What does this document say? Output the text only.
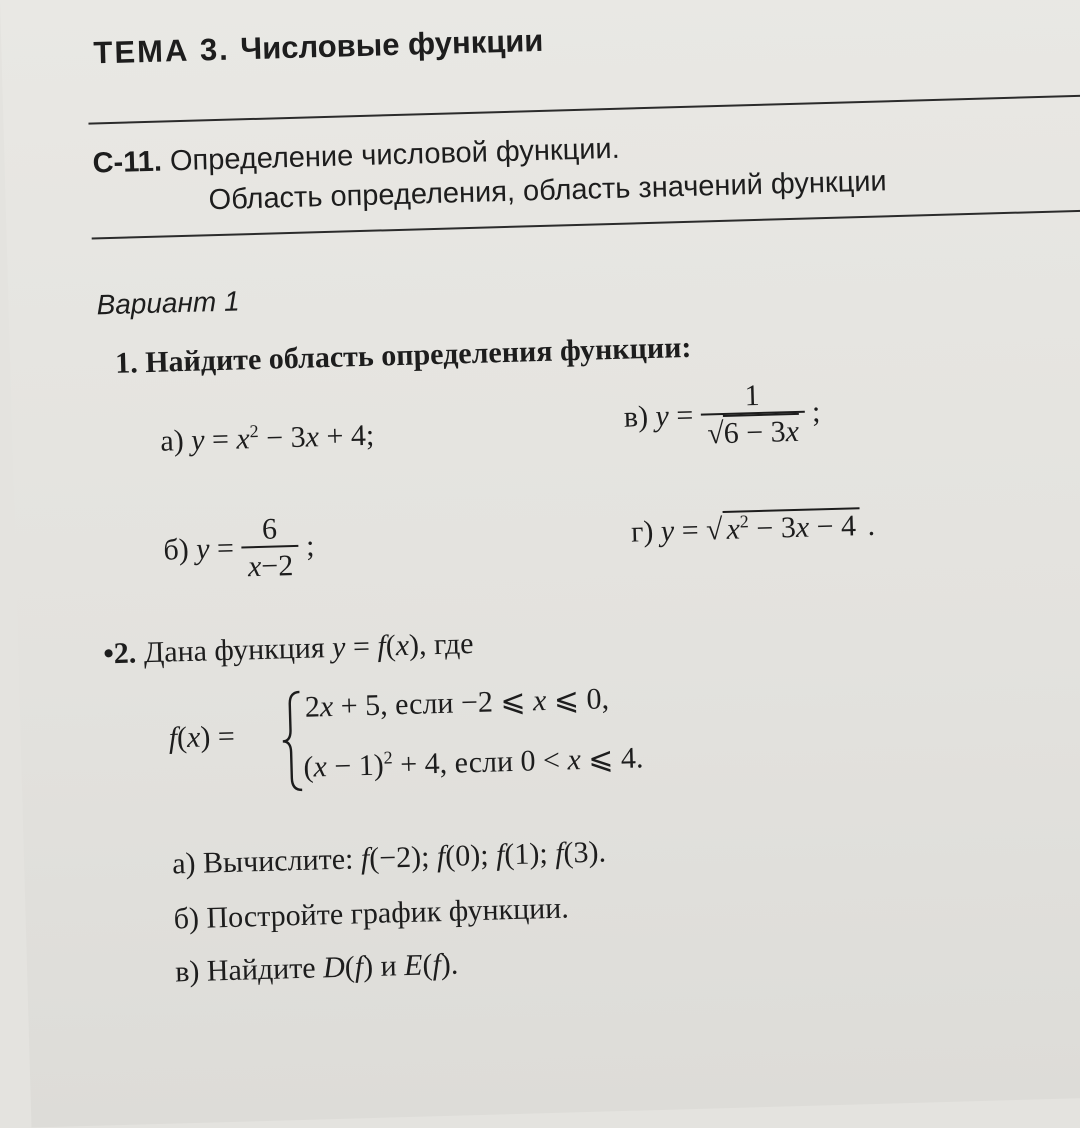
ТЕМА 3. Числовые функции
С-11. Определение числовой функции.
Область определения, область значений функции
Вариант 1
1. Найдите область определения функции:
а) $y = x^2 - 3x + 4$;
в) $y = \frac{1}{√6 - 3x}$ ;
б) $y = \frac{6}{x-2}$ ;	г) y = √ $x^2 - 3x - 4$ .
•2. Дана функция y = f(x), где
f(x) =
2x + 5, если −2 ⩽ x ⩽ 0,
$(x - 1)^2 + 4$, если 0 < x ⩽ 4.
а) Вычислите: f(−2); f(0); f(1); f(3).
б) Постройте график функции.
в) Найдите D(f) и E(f).
